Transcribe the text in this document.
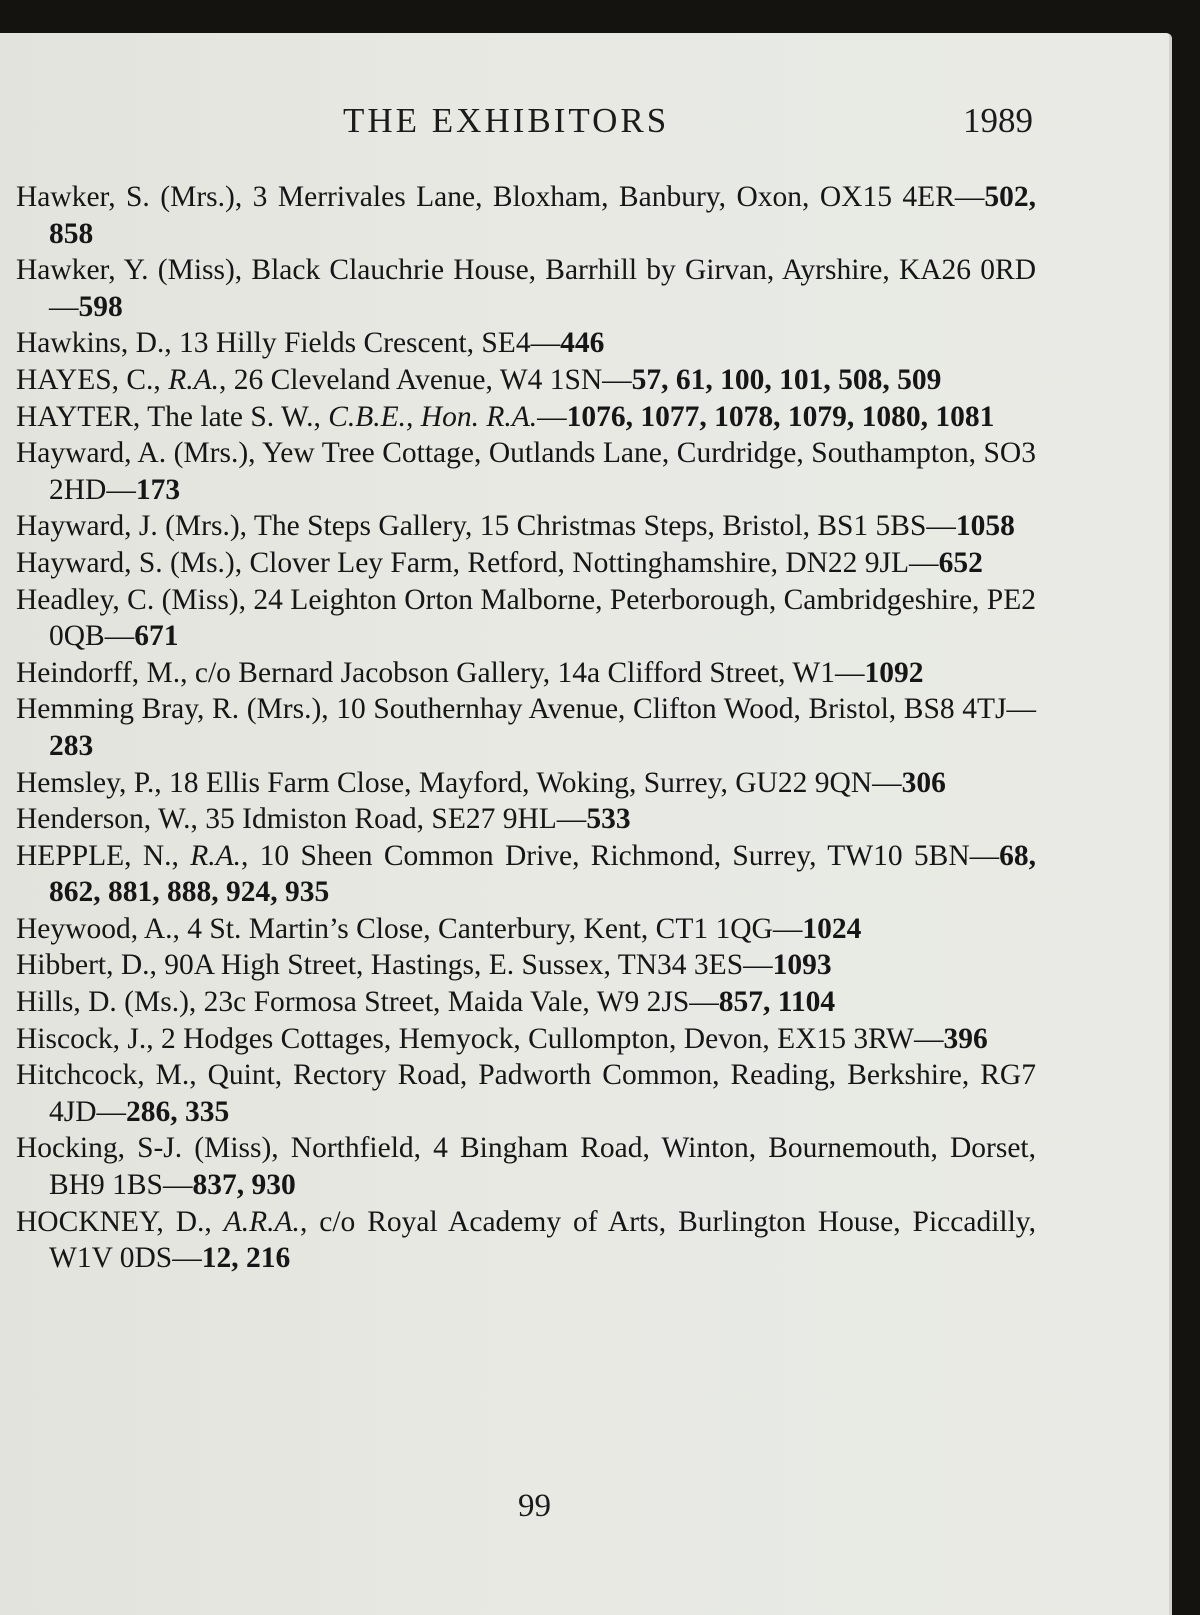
THE EXHIBITORS	1989
Hawker, S. (Mrs.), 3 Merrivales Lane, Bloxham, Banbury, Oxon, OX15 4ER—502, 858
Hawker, Y. (Miss), Black Clauchrie House, Barrhill by Girvan, Ayrshire, KA26 0RD—598
Hawkins, D., 13 Hilly Fields Crescent, SE4—446
HAYES, C., R.A., 26 Cleveland Avenue, W4 1SN—57, 61, 100, 101, 508, 509
HAYTER, The late S. W., C.B.E., Hon. R.A.—1076, 1077, 1078, 1079, 1080, 1081
Hayward, A. (Mrs.), Yew Tree Cottage, Outlands Lane, Curdridge, Southampton, SO3 2HD—173
Hayward, J. (Mrs.), The Steps Gallery, 15 Christmas Steps, Bristol, BS1 5BS—1058
Hayward, S. (Ms.), Clover Ley Farm, Retford, Nottinghamshire, DN22 9JL—652
Headley, C. (Miss), 24 Leighton Orton Malborne, Peterborough, Cambridgeshire, PE2 0QB—671
Heindorff, M., c/o Bernard Jacobson Gallery, 14a Clifford Street, W1—1092
Hemming Bray, R. (Mrs.), 10 Southernhay Avenue, Clifton Wood, Bristol, BS8 4TJ—283
Hemsley, P., 18 Ellis Farm Close, Mayford, Woking, Surrey, GU22 9QN—306
Henderson, W., 35 Idmiston Road, SE27 9HL—533
HEPPLE, N., R.A., 10 Sheen Common Drive, Richmond, Surrey, TW10 5BN—68, 862, 881, 888, 924, 935
Heywood, A., 4 St. Martin’s Close, Canterbury, Kent, CT1 1QG—1024
Hibbert, D., 90A High Street, Hastings, E. Sussex, TN34 3ES—1093
Hills, D. (Ms.), 23c Formosa Street, Maida Vale, W9 2JS—857, 1104
Hiscock, J., 2 Hodges Cottages, Hemyock, Cullompton, Devon, EX15 3RW—396
Hitchcock, M., Quint, Rectory Road, Padworth Common, Reading, Berkshire, RG7 4JD—286, 335
Hocking, S-J. (Miss), Northfield, 4 Bingham Road, Winton, Bournemouth, Dorset, BH9 1BS—837, 930
HOCKNEY, D., A.R.A., c/o Royal Academy of Arts, Burlington House, Piccadilly, W1V 0DS—12, 216
99
